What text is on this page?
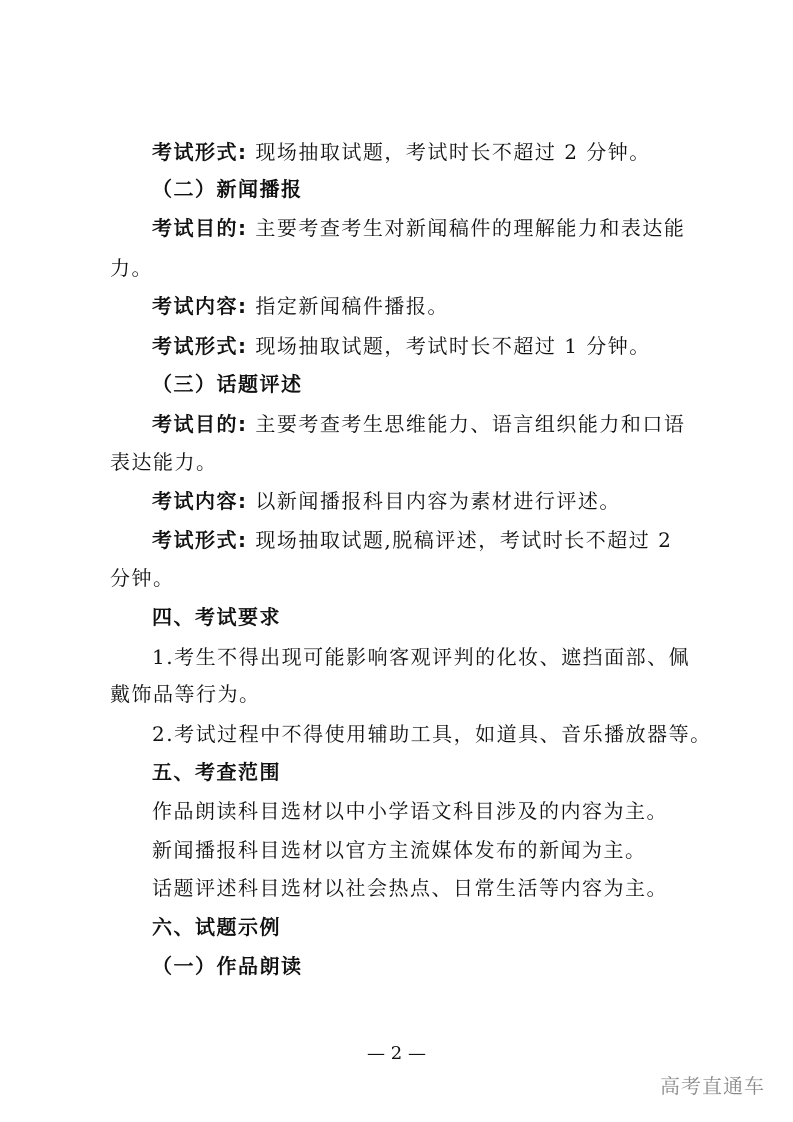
考试形式: 现场抽取试题，考试时长不超过 2 分钟。
（二）新闻播报
考试目的: 主要考查考生对新闻稿件的理解能力和表达能
力。
考试内容: 指定新闻稿件播报。
考试形式: 现场抽取试题，考试时长不超过 1 分钟。
（三）话题评述
考试目的: 主要考查考生思维能力、语言组织能力和口语
表达能力。
考试内容: 以新闻播报科目内容为素材进行评述。
考试形式: 现场抽取试题,脱稿评述，考试时长不超过 2
分钟。
四、考试要求
1.考生不得出现可能影响客观评判的化妆、遮挡面部、佩
戴饰品等行为。
2.考试过程中不得使用辅助工具，如道具、音乐播放器等。
五、考查范围
作品朗读科目选材以中小学语文科目涉及的内容为主。
新闻播报科目选材以官方主流媒体发布的新闻为主。
话题评述科目选材以社会热点、日常生活等内容为主。
六、试题示例
（一）作品朗读
— 2 —
高考直通车
